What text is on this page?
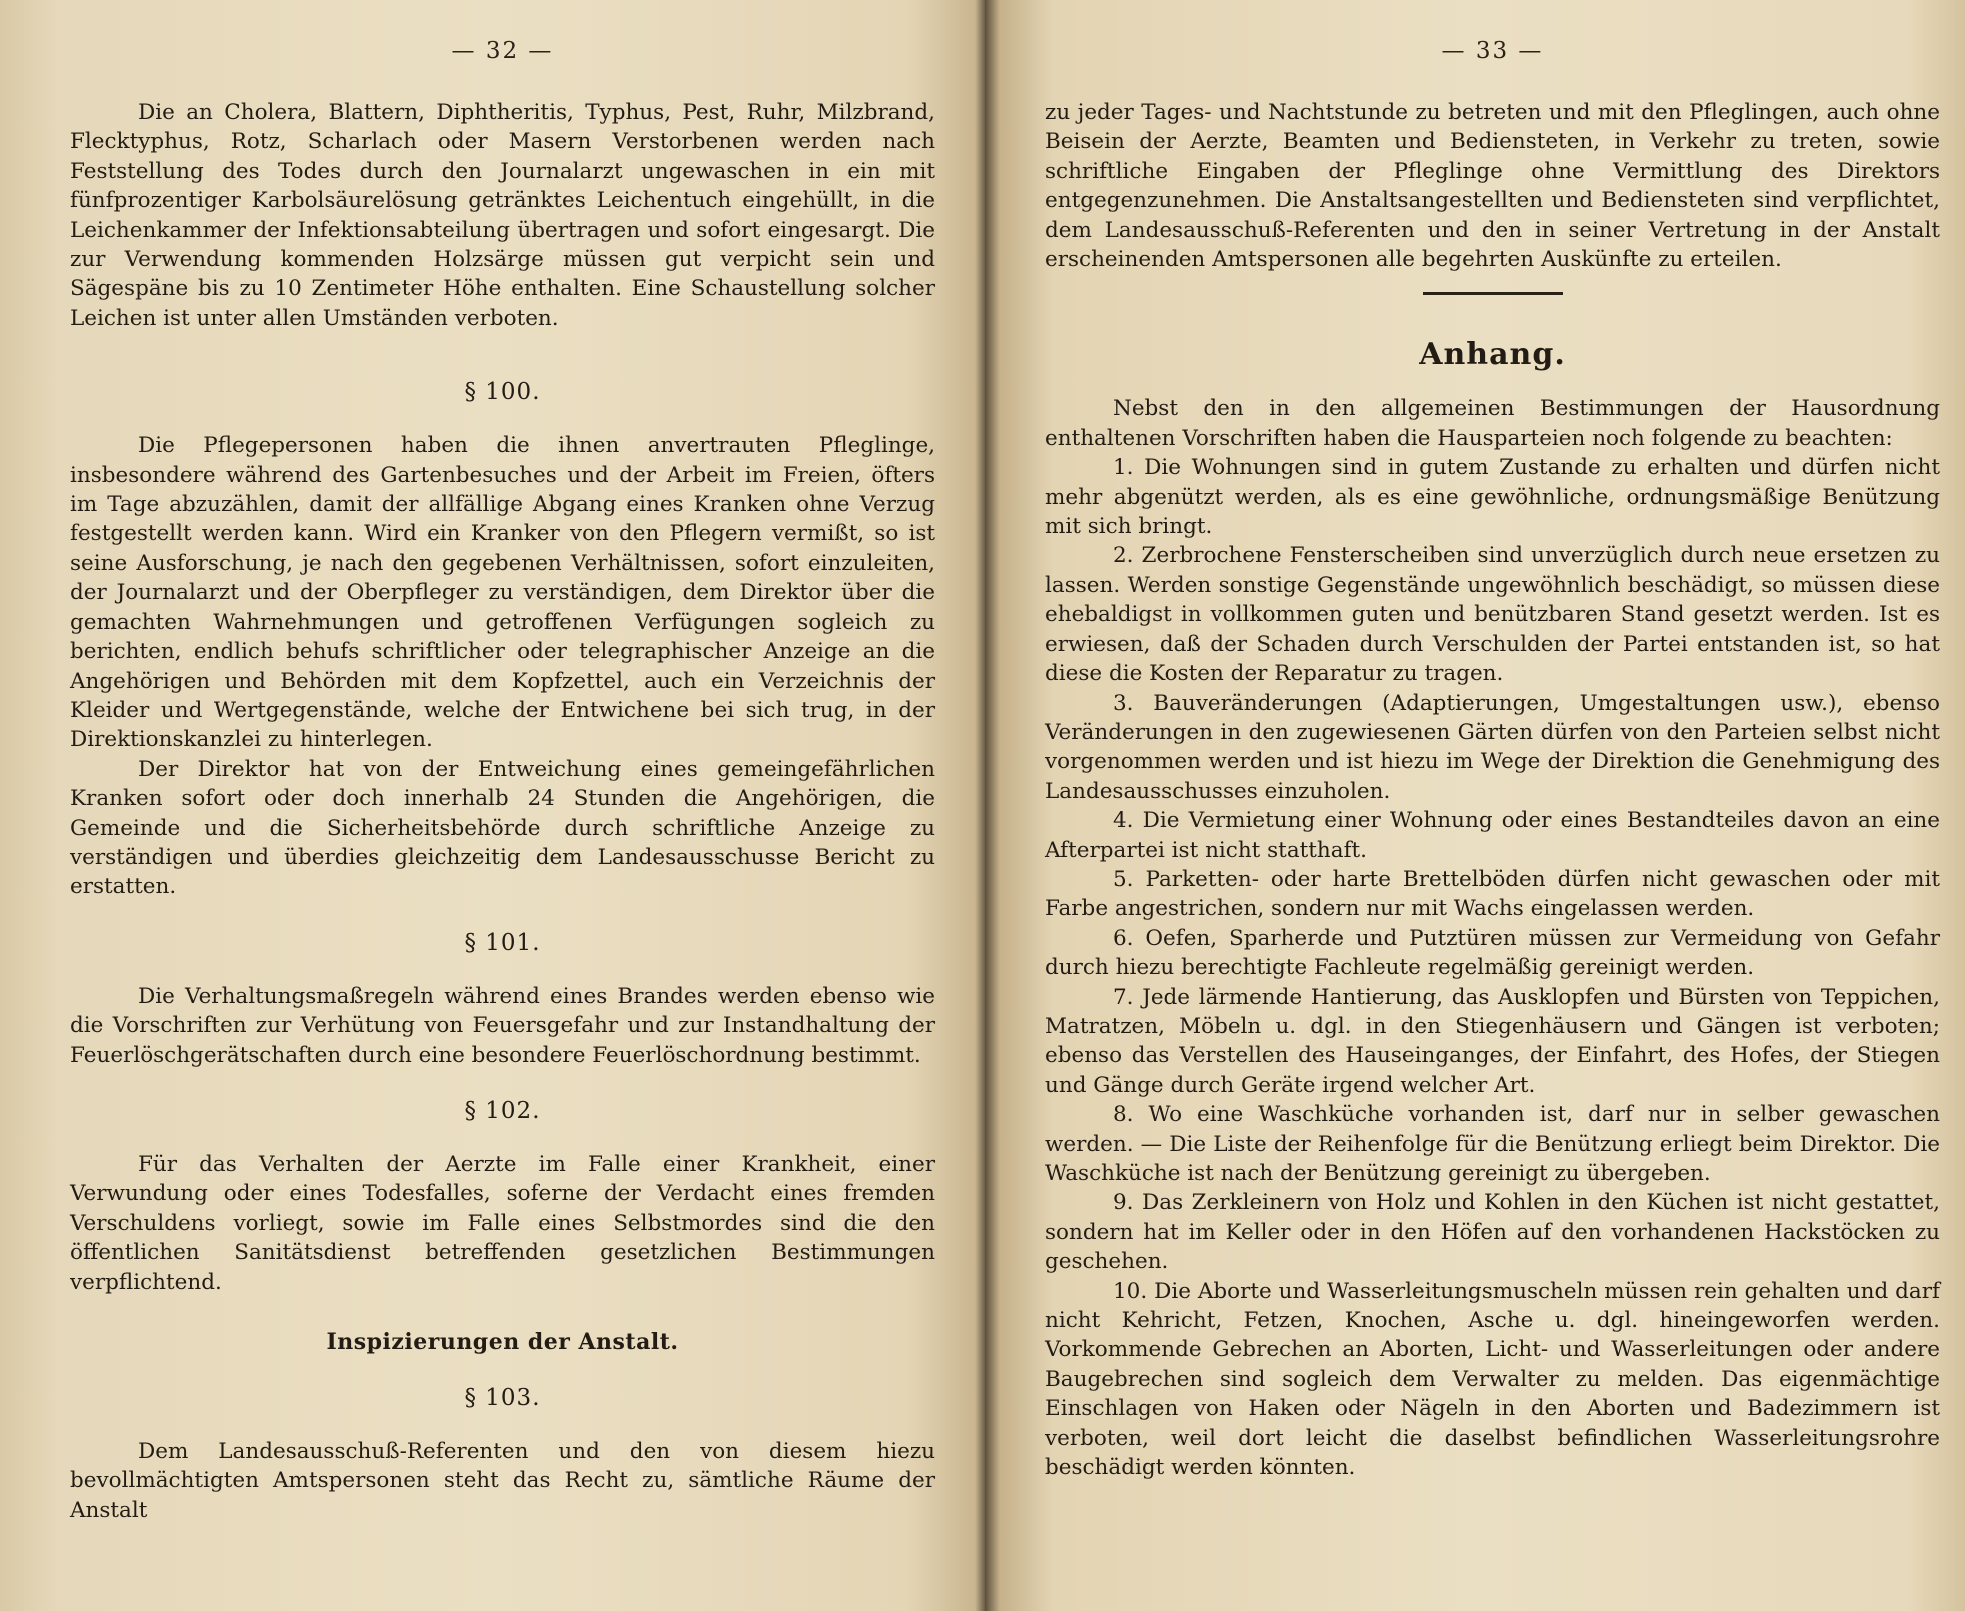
— 32 —

Die an Cholera, Blattern, Diphtheritis, Typhus, Pest, Ruhr, Milzbrand, Flecktyphus, Rotz, Scharlach oder Masern Verstorbenen werden nach Feststellung des Todes durch den Journalarzt ungewaschen in ein mit fünfprozentiger Karbolsäurelösung getränktes Leichentuch eingehüllt, in die Leichenkammer der Infektionsabteilung übertragen und sofort eingesargt. Die zur Verwendung kommenden Holzsärge müssen gut verpicht sein und Sägespäne bis zu 10 Zentimeter Höhe enthalten. Eine Schaustellung solcher Leichen ist unter allen Umständen verboten.

§ 100.

Die Pflegepersonen haben die ihnen anvertrauten Pfleglinge, insbesondere während des Gartenbesuches und der Arbeit im Freien, öfters im Tage abzuzählen, damit der allfällige Abgang eines Kranken ohne Verzug festgestellt werden kann. Wird ein Kranker von den Pflegern vermißt, so ist seine Ausforschung, je nach den gegebenen Verhältnissen, sofort einzuleiten, der Journalarzt und der Oberpfleger zu verständigen, dem Direktor über die gemachten Wahrnehmungen und getroffenen Verfügungen sogleich zu berichten, endlich behufs schriftlicher oder telegraphischer Anzeige an die Angehörigen und Behörden mit dem Kopfzettel, auch ein Verzeichnis der Kleider und Wertgegenstände, welche der Entwichene bei sich trug, in der Direktionskanzlei zu hinterlegen.

Der Direktor hat von der Entweichung eines gemeingefährlichen Kranken sofort oder doch innerhalb 24 Stunden die Angehörigen, die Gemeinde und die Sicherheitsbehörde durch schriftliche Anzeige zu verständigen und überdies gleichzeitig dem Landesausschusse Bericht zu erstatten.

§ 101.

Die Verhaltungsmaßregeln während eines Brandes werden ebenso wie die Vorschriften zur Verhütung von Feuersgefahr und zur Instandhaltung der Feuerlöschgerätschaften durch eine besondere Feuerlöschordnung bestimmt.

§ 102.

Für das Verhalten der Aerzte im Falle einer Krankheit, einer Verwundung oder eines Todesfalles, soferne der Verdacht eines fremden Verschuldens vorliegt, sowie im Falle eines Selbstmordes sind die den öffentlichen Sanitätsdienst betreffenden gesetzlichen Bestimmungen verpflichtend.

Inspizierungen der Anstalt.
§ 103.

Dem Landesausschuß-Referenten und den von diesem hiezu bevollmächtigten Amtspersonen steht das Recht zu, sämtliche Räume der Anstalt

— 33 —

zu jeder Tages- und Nachtstunde zu betreten und mit den Pfleglingen, auch ohne Beisein der Aerzte, Beamten und Bediensteten, in Verkehr zu treten, sowie schriftliche Eingaben der Pfleglinge ohne Vermittlung des Direktors entgegenzunehmen. Die Anstaltsangestellten und Bediensteten sind verpflichtet, dem Landesausschuß-Referenten und den in seiner Vertretung in der Anstalt erscheinenden Amtspersonen alle begehrten Auskünfte zu erteilen.

Anhang.

Nebst den in den allgemeinen Bestimmungen der Hausordnung enthaltenen Vorschriften haben die Hausparteien noch folgende zu beachten:

1. Die Wohnungen sind in gutem Zustande zu erhalten und dürfen nicht mehr abgenützt werden, als es eine gewöhnliche, ordnungsmäßige Benützung mit sich bringt.

2. Zerbrochene Fensterscheiben sind unverzüglich durch neue ersetzen zu lassen. Werden sonstige Gegenstände ungewöhnlich beschädigt, so müssen diese ehebaldigst in vollkommen guten und benützbaren Stand gesetzt werden. Ist es erwiesen, daß der Schaden durch Verschulden der Partei entstanden ist, so hat diese die Kosten der Reparatur zu tragen.

3. Bauveränderungen (Adaptierungen, Umgestaltungen usw.), ebenso Veränderungen in den zugewiesenen Gärten dürfen von den Parteien selbst nicht vorgenommen werden und ist hiezu im Wege der Direktion die Genehmigung des Landesausschusses einzuholen.

4. Die Vermietung einer Wohnung oder eines Bestandteiles davon an eine Afterpartei ist nicht statthaft.

5. Parketten- oder harte Brettelböden dürfen nicht gewaschen oder mit Farbe angestrichen, sondern nur mit Wachs eingelassen werden.

6. Oefen, Sparherde und Putztüren müssen zur Vermeidung von Gefahr durch hiezu berechtigte Fachleute regelmäßig gereinigt werden.

7. Jede lärmende Hantierung, das Ausklopfen und Bürsten von Teppichen, Matratzen, Möbeln u. dgl. in den Stiegenhäusern und Gängen ist verboten; ebenso das Verstellen des Hauseinganges, der Einfahrt, des Hofes, der Stiegen und Gänge durch Geräte irgend welcher Art.

8. Wo eine Waschküche vorhanden ist, darf nur in selber gewaschen werden. — Die Liste der Reihenfolge für die Benützung erliegt beim Direktor. Die Waschküche ist nach der Benützung gereinigt zu übergeben.

9. Das Zerkleinern von Holz und Kohlen in den Küchen ist nicht gestattet, sondern hat im Keller oder in den Höfen auf den vorhandenen Hackstöcken zu geschehen.

10. Die Aborte und Wasserleitungsmuscheln müssen rein gehalten und darf nicht Kehricht, Fetzen, Knochen, Asche u. dgl. hineingeworfen werden. Vorkommende Gebrechen an Aborten, Licht- und Wasserleitungen oder andere Baugebrechen sind sogleich dem Verwalter zu melden. Das eigenmächtige Einschlagen von Haken oder Nägeln in den Aborten und Badezimmern ist verboten, weil dort leicht die daselbst befindlichen Wasserleitungsrohre beschädigt werden könnten.
